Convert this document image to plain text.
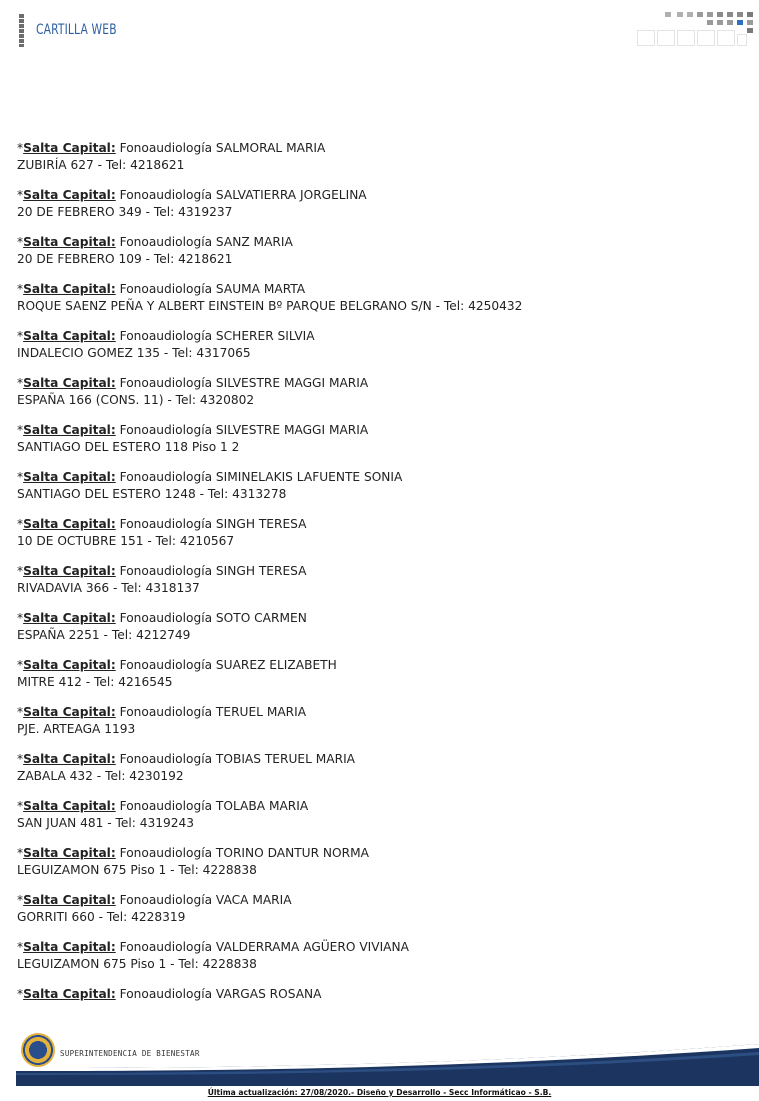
CARTILLA WEB
*Salta Capital: Fonoaudiología SALMORAL MARIA
ZUBIRÍA 627 - Tel: 4218621
*Salta Capital: Fonoaudiología SALVATIERRA JORGELINA
20 DE FEBRERO 349 - Tel: 4319237
*Salta Capital: Fonoaudiología SANZ MARIA
20 DE FEBRERO 109 - Tel: 4218621
*Salta Capital: Fonoaudiología SAUMA MARTA
ROQUE SAENZ PEÑA Y ALBERT EINSTEIN Bº PARQUE BELGRANO S/N - Tel: 4250432
*Salta Capital: Fonoaudiología SCHERER SILVIA
INDALECIO GOMEZ 135 - Tel: 4317065
*Salta Capital: Fonoaudiología SILVESTRE MAGGI MARIA
ESPAÑA 166 (CONS. 11) - Tel: 4320802
*Salta Capital: Fonoaudiología SILVESTRE MAGGI MARIA
SANTIAGO DEL ESTERO 118 Piso 1 2
*Salta Capital: Fonoaudiología SIMINELAKIS LAFUENTE SONIA
SANTIAGO DEL ESTERO 1248 - Tel: 4313278
*Salta Capital: Fonoaudiología SINGH TERESA
10 DE OCTUBRE 151 - Tel: 4210567
*Salta Capital: Fonoaudiología SINGH TERESA
RIVADAVIA 366 - Tel: 4318137
*Salta Capital: Fonoaudiología SOTO CARMEN
ESPAÑA 2251 - Tel: 4212749
*Salta Capital: Fonoaudiología SUAREZ ELIZABETH
MITRE 412 - Tel: 4216545
*Salta Capital: Fonoaudiología TERUEL MARIA
PJE. ARTEAGA 1193
*Salta Capital: Fonoaudiología TOBIAS TERUEL MARIA
ZABALA 432 - Tel: 4230192
*Salta Capital: Fonoaudiología TOLABA MARIA
SAN JUAN 481 - Tel: 4319243
*Salta Capital: Fonoaudiología TORINO DANTUR NORMA
LEGUIZAMON 675 Piso 1 - Tel: 4228838
*Salta Capital: Fonoaudiología VACA MARIA
GORRITI 660 - Tel: 4228319
*Salta Capital: Fonoaudiología VALDERRAMA AGÜERO VIVIANA
LEGUIZAMON 675 Piso 1 - Tel: 4228838
*Salta Capital: Fonoaudiología VARGAS ROSANA
SUPERINTENDENCIA DE BIENESTAR
Última actualización: 27/08/2020.- Diseño y Desarrollo - Secc Informáticao - S.B.
